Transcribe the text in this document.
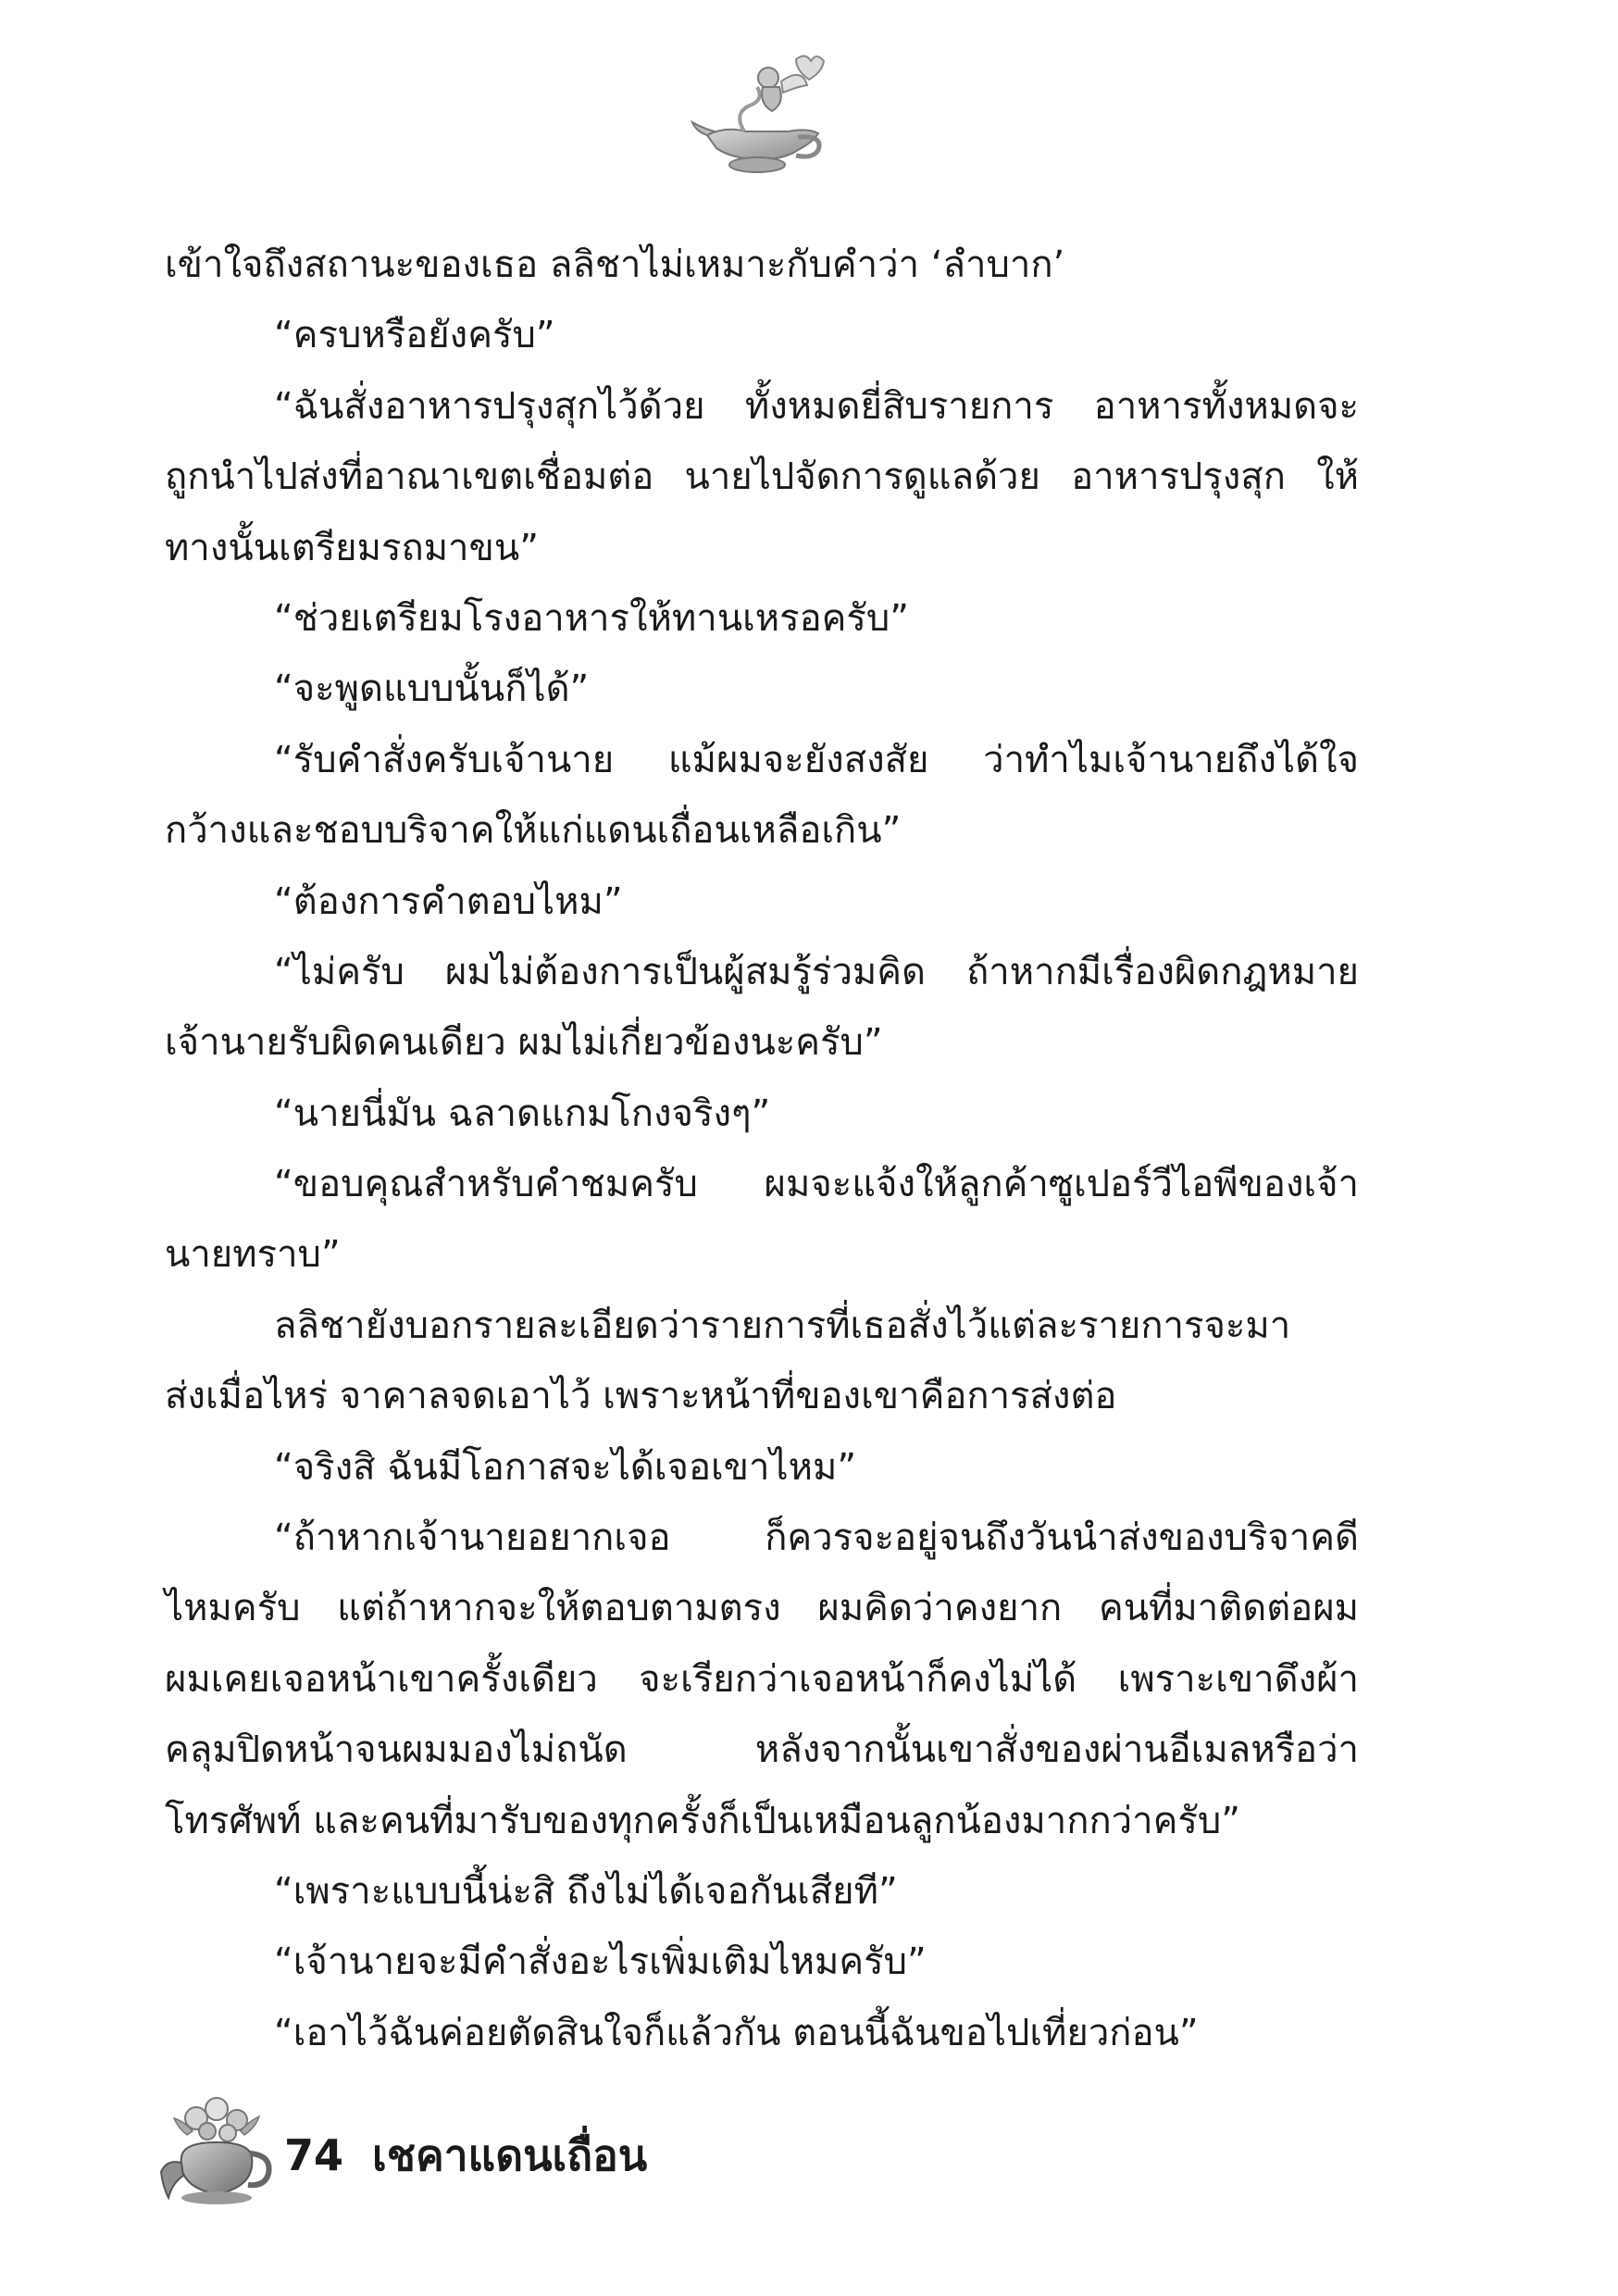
เข้าใจถึงสถานะของเธอ ลลิชาไม่เหมาะกับคำว่า ‘ลำบาก’
“ครบหรือยังครับ”
“ฉันสั่งอาหารปรุงสุกไว้ด้วย ทั้งหมดยี่สิบรายการ อาหารทั้งหมดจะ
ถูกนำไปส่งที่อาณาเขตเชื่อมต่อ นายไปจัดการดูแลด้วย อาหารปรุงสุก ให้
ทางนั้นเตรียมรถมาขน”
“ช่วยเตรียมโรงอาหารให้ทานเหรอครับ”
“จะพูดแบบนั้นก็ได้”
“รับคำสั่งครับเจ้านาย แม้ผมจะยังสงสัย ว่าทำไมเจ้านายถึงได้ใจ
กว้างและชอบบริจาคให้แก่แดนเถื่อนเหลือเกิน”
“ต้องการคำตอบไหม”
“ไม่ครับ ผมไม่ต้องการเป็นผู้สมรู้ร่วมคิด ถ้าหากมีเรื่องผิดกฎหมาย
เจ้านายรับผิดคนเดียว ผมไม่เกี่ยวข้องนะครับ”
“นายนี่มัน ฉลาดแกมโกงจริงๆ”
“ขอบคุณสำหรับคำชมครับ ผมจะแจ้งให้ลูกค้าซูเปอร์วีไอพีของเจ้า
นายทราบ”
ลลิชายังบอกรายละเอียดว่ารายการที่เธอสั่งไว้แต่ละรายการจะมา
ส่งเมื่อไหร่ จาคาลจดเอาไว้ เพราะหน้าที่ของเขาคือการส่งต่อ
“จริงสิ ฉันมีโอกาสจะได้เจอเขาไหม”
“ถ้าหากเจ้านายอยากเจอ ก็ควรจะอยู่จนถึงวันนำส่งของบริจาคดี
ไหมครับ แต่ถ้าหากจะให้ตอบตามตรง ผมคิดว่าคงยาก คนที่มาติดต่อผม
ผมเคยเจอหน้าเขาครั้งเดียว จะเรียกว่าเจอหน้าก็คงไม่ได้ เพราะเขาดึงผ้า
คลุมปิดหน้าจนผมมองไม่ถนัด หลังจากนั้นเขาสั่งของผ่านอีเมลหรือว่า
โทรศัพท์ และคนที่มารับของทุกครั้งก็เป็นเหมือนลูกน้องมากกว่าครับ”
“เพราะแบบนี้น่ะสิ ถึงไม่ได้เจอกันเสียที”
“เจ้านายจะมีคำสั่งอะไรเพิ่มเติมไหมครับ”
“เอาไว้ฉันค่อยตัดสินใจก็แล้วกัน ตอนนี้ฉันขอไปเที่ยวก่อน”
74 เชคาแดนเถื่อน
